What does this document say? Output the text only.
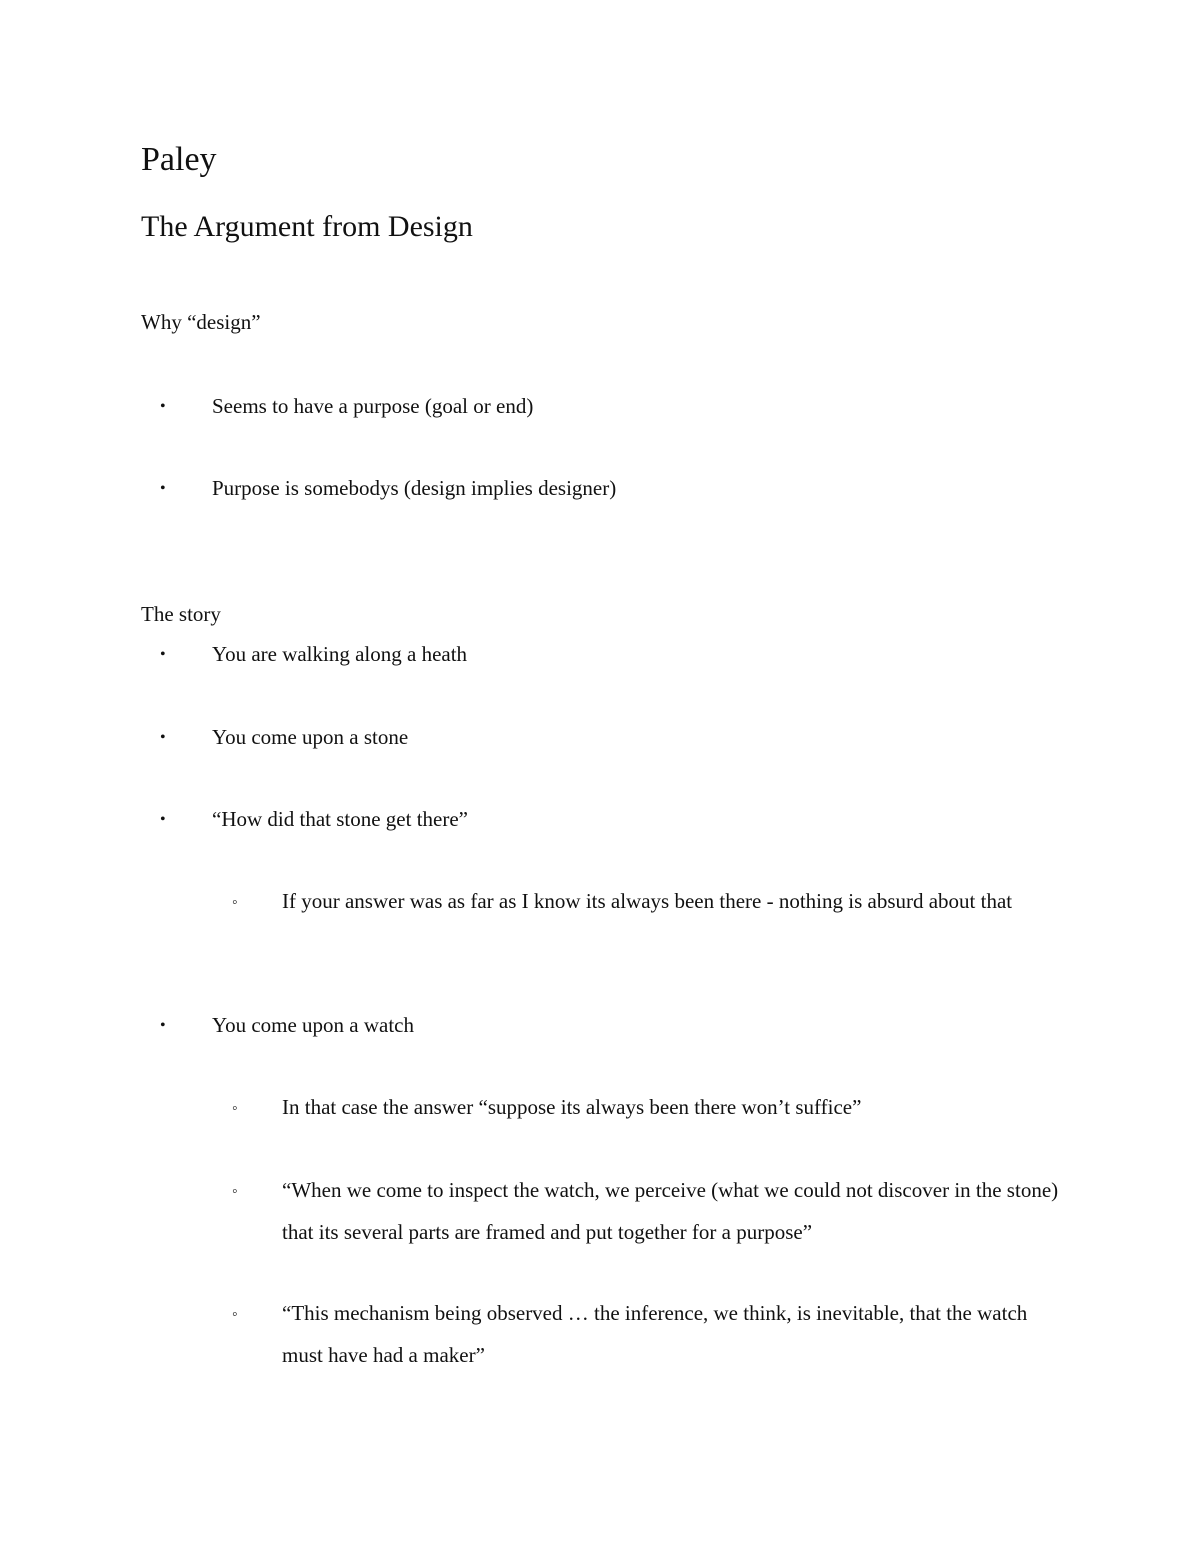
Paley
The Argument from Design
Why “design”
• Seems to have a purpose (goal or end)
• Purpose is somebodys (design implies designer)
The story
• You are walking along a heath
• You come upon a stone
• “How did that stone get there”
◦ If your answer was as far as I know its always been there - nothing is absurd about that
• You come upon a watch
◦ In that case the answer “suppose its always been there won’t suffice”
◦ “When we come to inspect the watch, we perceive (what we could not discover in the stone) that its several parts are framed and put together for a purpose”
◦ “This mechanism being observed … the inference, we think, is inevitable, that the watch must have had a maker”
